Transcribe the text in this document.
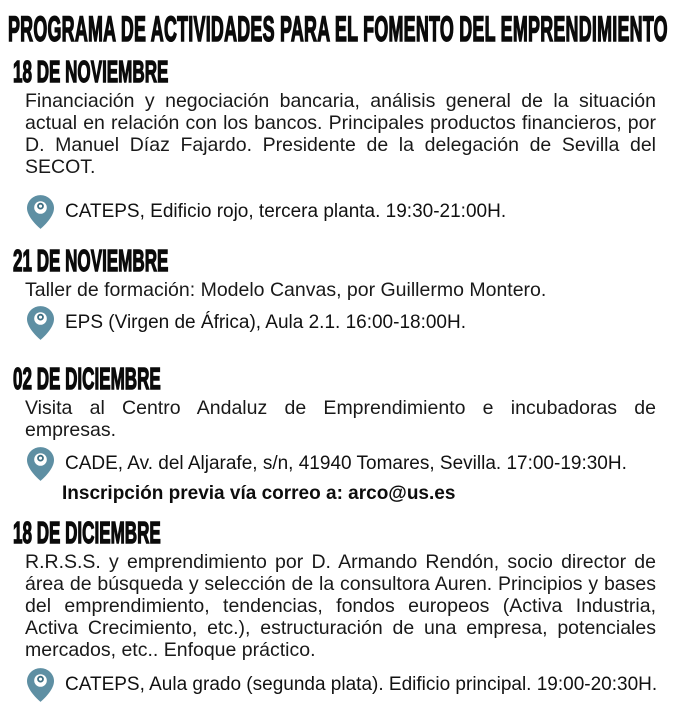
PROGRAMA DE ACTIVIDADES PARA EL FOMENTO DEL EMPRENDIMIENTO
18 DE NOVIEMBRE

Financiación y negociación bancaria, análisis general de la situación actual en relación con los bancos. Principales productos financieros, por D. Manuel Díaz Fajardo. Presidente de la delegación de Sevilla del SECOT.

CATEPS, Edificio rojo, tercera planta. 19:30-21:00H.
21 DE NOVIEMBRE

Taller de formación: Modelo Canvas, por Guillermo Montero.

EPS (Virgen de África), Aula 2.1. 16:00-18:00H.
02 DE DICIEMBRE

Visita al Centro Andaluz de Emprendimiento e incubadoras de empresas.

CADE, Av. del Aljarafe, s/n, 41940 Tomares, Sevilla. 17:00-19:30H.
Inscripción previa vía correo a: arco@us.es
18 DE DICIEMBRE

R.R.S.S. y emprendimiento por D. Armando Rendón, socio director de área de búsqueda y selección de la consultora Auren. Principios y bases del emprendimiento, tendencias, fondos europeos (Activa Industria, Activa Crecimiento, etc.), estructuración de una empresa, potenciales mercados, etc.. Enfoque práctico.

CATEPS, Aula grado (segunda plata). Edificio principal. 19:00-20:30H.
